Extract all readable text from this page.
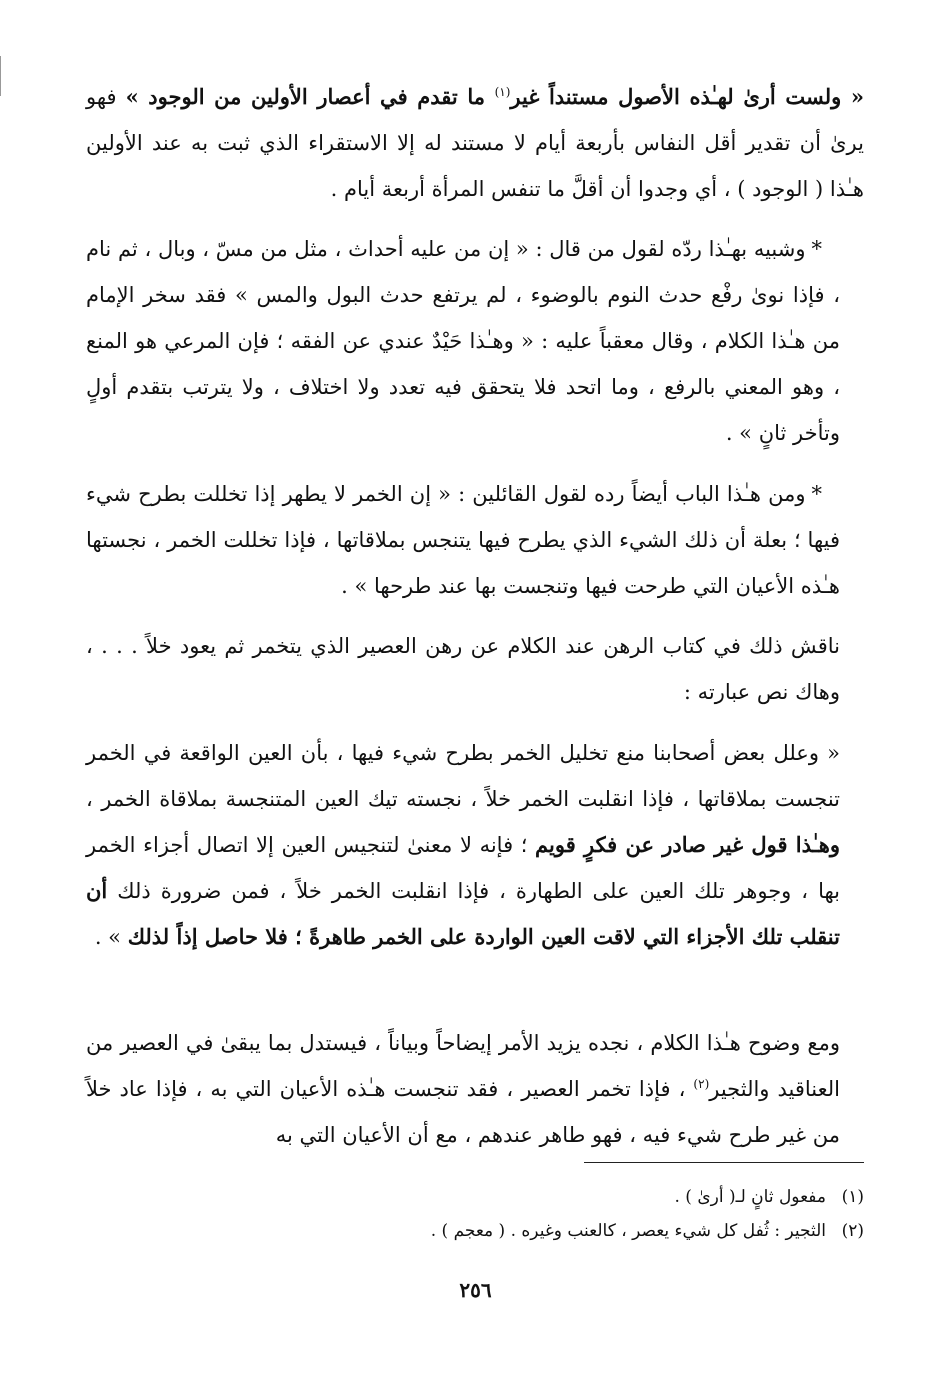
« ولست أرىٰ لهـٰذه الأصول مستنداً غير$^{(١)}$ ما تقدم في أعصار الأولين من الوجود » فهو يرىٰ أن تقدير أقل النفاس بأربعة أيام لا مستند له إلا الاستقراء الذي ثبت به عند الأولين هـٰذا ( الوجود ) ، أي وجدوا أن أقلَّ ما تنفس المرأة أربعة أيام .

*وشبيه بهـٰذا ردّه لقول من قال : « إن من عليه أحداث ، مثل من مسّ ، وبال ، ثم نام ، فإذا نوىٰ رفْع حدث النوم بالوضوء ، لم يرتفع حدث البول والمس » فقد سخر الإمام من هـٰذا الكلام ، وقال معقباً عليه : « وهـٰذا حَيْدٌ عندي عن الفقه ؛ فإن المرعي هو المنع ، وهو المعني بالرفع ، وما اتحد فلا يتحقق فيه تعدد ولا اختلاف ، ولا يترتب بتقدم أولٍ وتأخر ثانٍ » .

*ومن هـٰذا الباب أيضاً رده لقول القائلين : « إن الخمر لا يطهر إذا تخللت بطرح شيء فيها ؛ بعلة أن ذلك الشيء الذي يطرح فيها يتنجس بملاقاتها ، فإذا تخللت الخمر ، نجستها هـٰذه الأعيان التي طرحت فيها وتنجست بها عند طرحها » .

ناقش ذلك في كتاب الرهن عند الكلام عن رهن العصير الذي يتخمر ثم يعود خلاً . . . ، وهاك نص عبارته :

« وعلل بعض أصحابنا منع تخليل الخمر بطرح شيء فيها ، بأن العين الواقعة في الخمر تنجست بملاقاتها ، فإذا انقلبت الخمر خلاً ، نجسته تيك العين المتنجسة بملاقاة الخمر ، وهـٰذا قول غير صادر عن فكرٍ قويم ؛ فإنه لا معنىٰ لتنجيس العين إلا اتصال أجزاء الخمر بها ، وجوهر تلك العين على الطهارة ، فإذا انقلبت الخمر خلاً ، فمن ضرورة ذلك أن تنقلب تلك الأجزاء التي لاقت العين الواردة على الخمر طاهرةً ؛ فلا حاصل إذاً لذلك » .

ومع وضوح هـٰذا الكلام ، نجده يزيد الأمر إيضاحاً وبياناً ، فيستدل بما يبقىٰ في العصير من العناقيد والثجير$^{(٢)}$ ، فإذا تخمر العصير ، فقد تنجست هـٰذه الأعيان التي به ، فإذا عاد خلاً من غير طرح شيء فيه ، فهو طاهر عندهم ، مع أن الأعيان التي به

(١)مفعول ثانٍ لـ( أرىٰ ) .

(٢)الثجير : ثُفل كل شيء يعصر ، كالعنب وغيره . ( معجم ) .

٢٥٦
